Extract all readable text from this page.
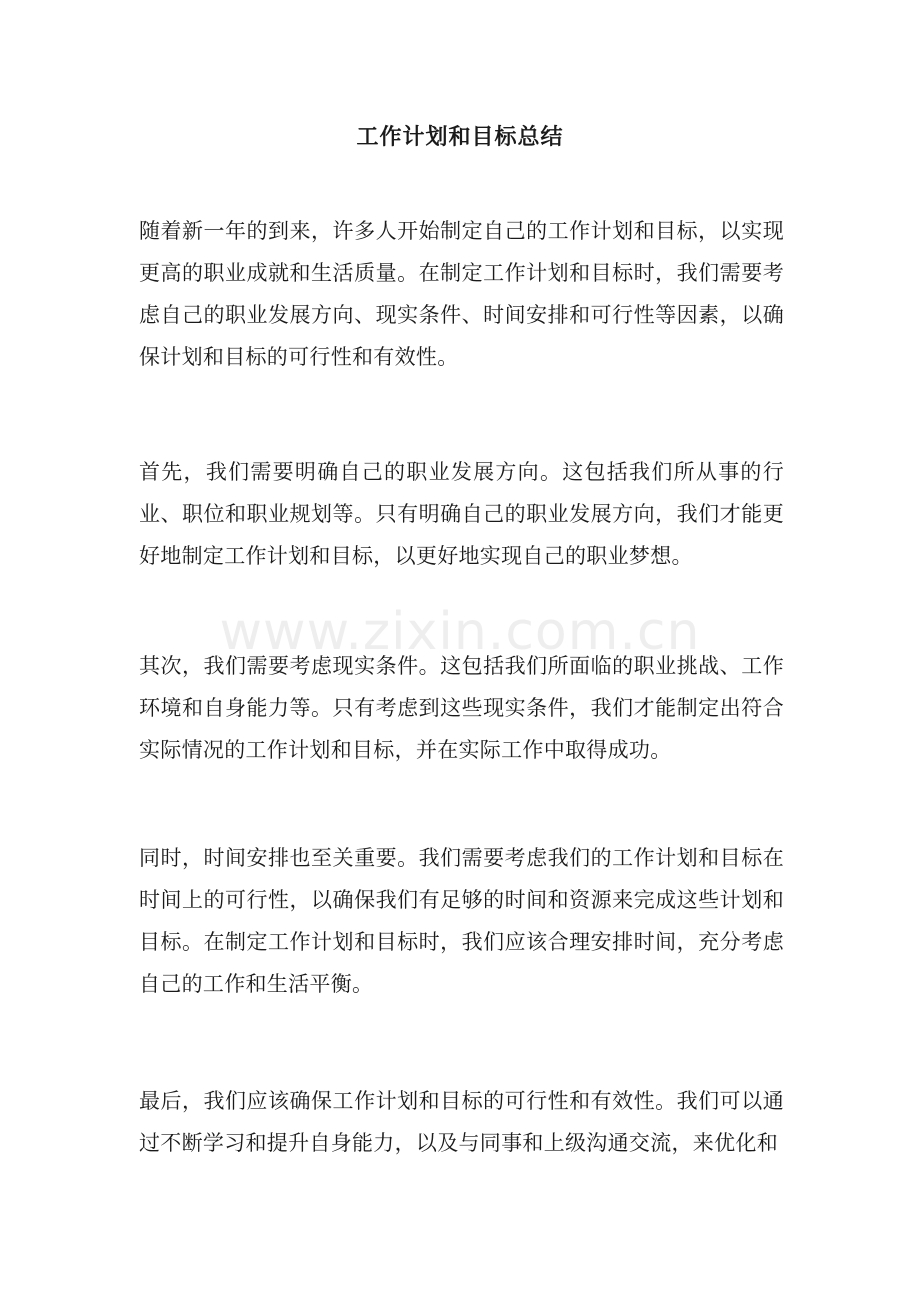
工作计划和目标总结

随着新一年的到来，许多人开始制定自己的工作计划和目标，以实现更高的职业成就和生活质量。在制定工作计划和目标时，我们需要考虑自己的职业发展方向、现实条件、时间安排和可行性等因素，以确保计划和目标的可行性和有效性。

首先，我们需要明确自己的职业发展方向。这包括我们所从事的行业、职位和职业规划等。只有明确自己的职业发展方向，我们才能更好地制定工作计划和目标，以更好地实现自己的职业梦想。

其次，我们需要考虑现实条件。这包括我们所面临的职业挑战、工作环境和自身能力等。只有考虑到这些现实条件，我们才能制定出符合实际情况的工作计划和目标，并在实际工作中取得成功。

同时，时间安排也至关重要。我们需要考虑我们的工作计划和目标在时间上的可行性，以确保我们有足够的时间和资源来完成这些计划和目标。在制定工作计划和目标时，我们应该合理安排时间，充分考虑自己的工作和生活平衡。

最后，我们应该确保工作计划和目标的可行性和有效性。我们可以通过不断学习和提升自身能力，以及与同事和上级沟通交流，来优化和

www.zixin.com.cn
